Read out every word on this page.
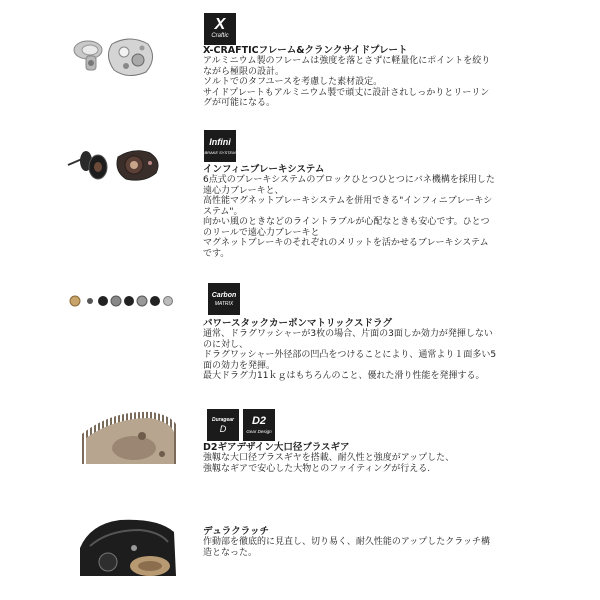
X
Craftic

X-CRAFTICフレーム&クランクサイドプレート

アルミニウム製のフレームは強度を落とさずに軽量化にポイントを絞り

ながら極限の設計。

ソルトでのタフユースを考慮した素材設定。

サイドプレートもアルミニウム製で頑丈に設計されしっかりとリーリン

グが可能になる。

Infini
BRAKE SYSTEM

インフィニブレーキシステム

6点式のブレーキシステムのブロックひとつひとつにバネ機構を採用した

遠心力ブレーキと、

高性能マグネットブレーキシステムを併用できる"インフィニブレーキシ

ステム"。

向かい風のときなどのライントラブルが心配なときも安心です。ひとつ

のリールで遠心力ブレーキと

マグネットブレーキのそれぞれのメリットを活かせるブレーキシステム

です。

Carbon
MATRIX

パワースタックカーボンマトリックスドラグ

通常、ドラグワッシャーが3枚の場合、片面の3面しか効力が発揮しない

のに対し、

ドラグワッシャー外径部の凹凸をつけることにより、通常より１面多い5

面の効力を発揮。

最大ドラグ力11ｋｇはもちろんのこと、優れた滑り性能を発揮する。

Duragear
D
D2
Gear Design

D2ギアデザイン大口径ブラスギア

強靱な大口径ブラスギヤを搭載、耐久性と強度がアップした、

強靱なギアで安心した大物とのファイティングが行える.

デュラクラッチ

作動部を徹底的に見直し、切り易く、耐久性能のアップしたクラッチ構

造となった。
